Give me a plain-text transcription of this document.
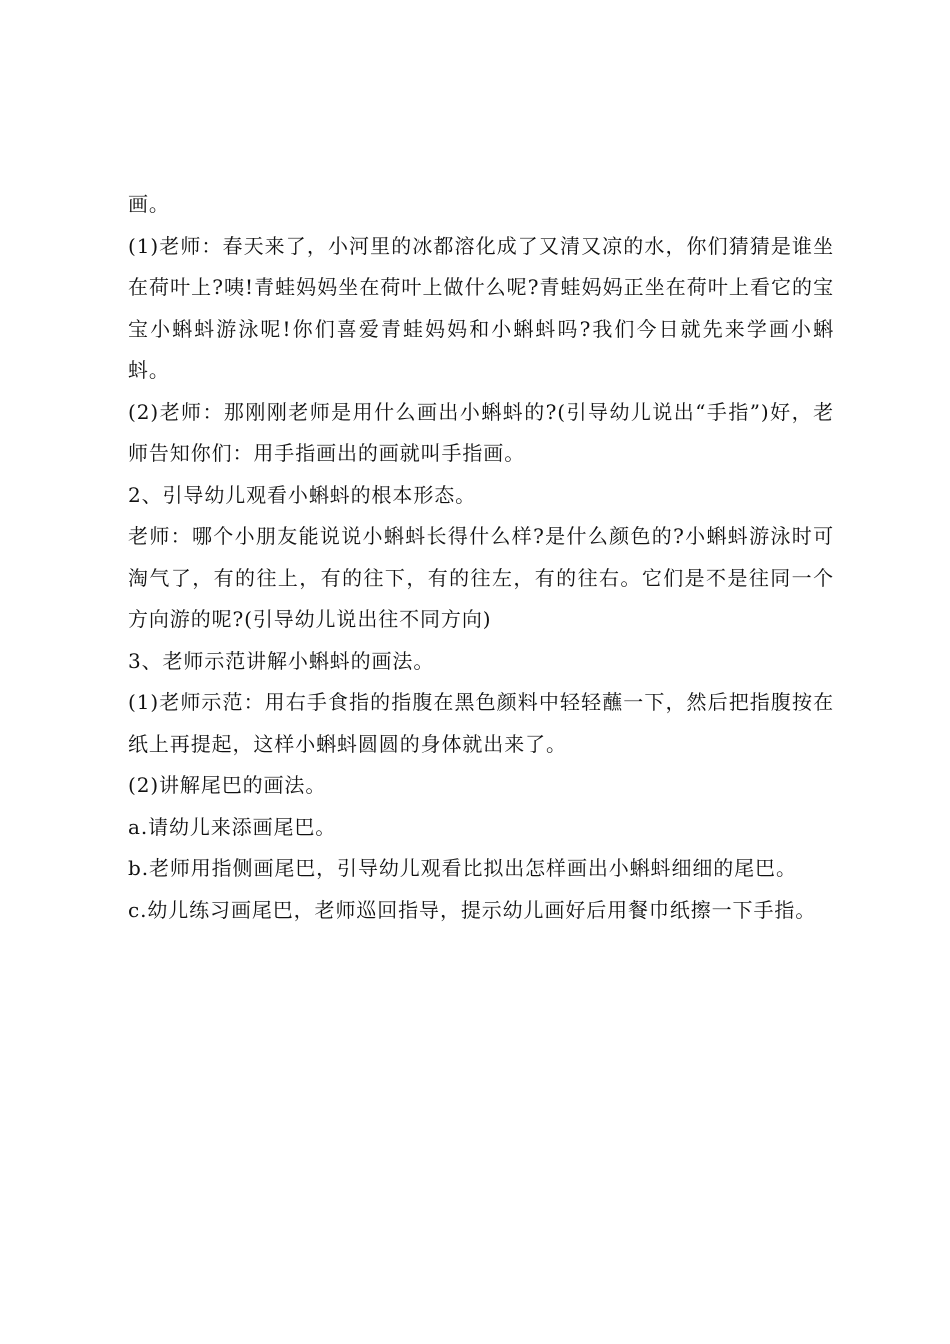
画。

(1)老师：春天来了，小河里的冰都溶化成了又清又凉的水，你们猜猜是谁坐在荷叶上?咦!青蛙妈妈坐在荷叶上做什么呢?青蛙妈妈正坐在荷叶上看它的宝宝小蝌蚪游泳呢!你们喜爱青蛙妈妈和小蝌蚪吗?我们今日就先来学画小蝌蚪。

(2)老师：那刚刚老师是用什么画出小蝌蚪的?(引导幼儿说出“手指”)好，老师告知你们：用手指画出的画就叫手指画。

2、引导幼儿观看小蝌蚪的根本形态。

老师：哪个小朋友能说说小蝌蚪长得什么样?是什么颜色的?小蝌蚪游泳时可淘气了，有的往上，有的往下，有的往左，有的往右。它们是不是往同一个方向游的呢?(引导幼儿说出往不同方向)

3、老师示范讲解小蝌蚪的画法。

(1)老师示范：用右手食指的指腹在黑色颜料中轻轻蘸一下，然后把指腹按在纸上再提起，这样小蝌蚪圆圆的身体就出来了。

(2)讲解尾巴的画法。

a.请幼儿来添画尾巴。

b.老师用指侧画尾巴，引导幼儿观看比拟出怎样画出小蝌蚪细细的尾巴。

c.幼儿练习画尾巴，老师巡回指导，提示幼儿画好后用餐巾纸擦一下手指。
